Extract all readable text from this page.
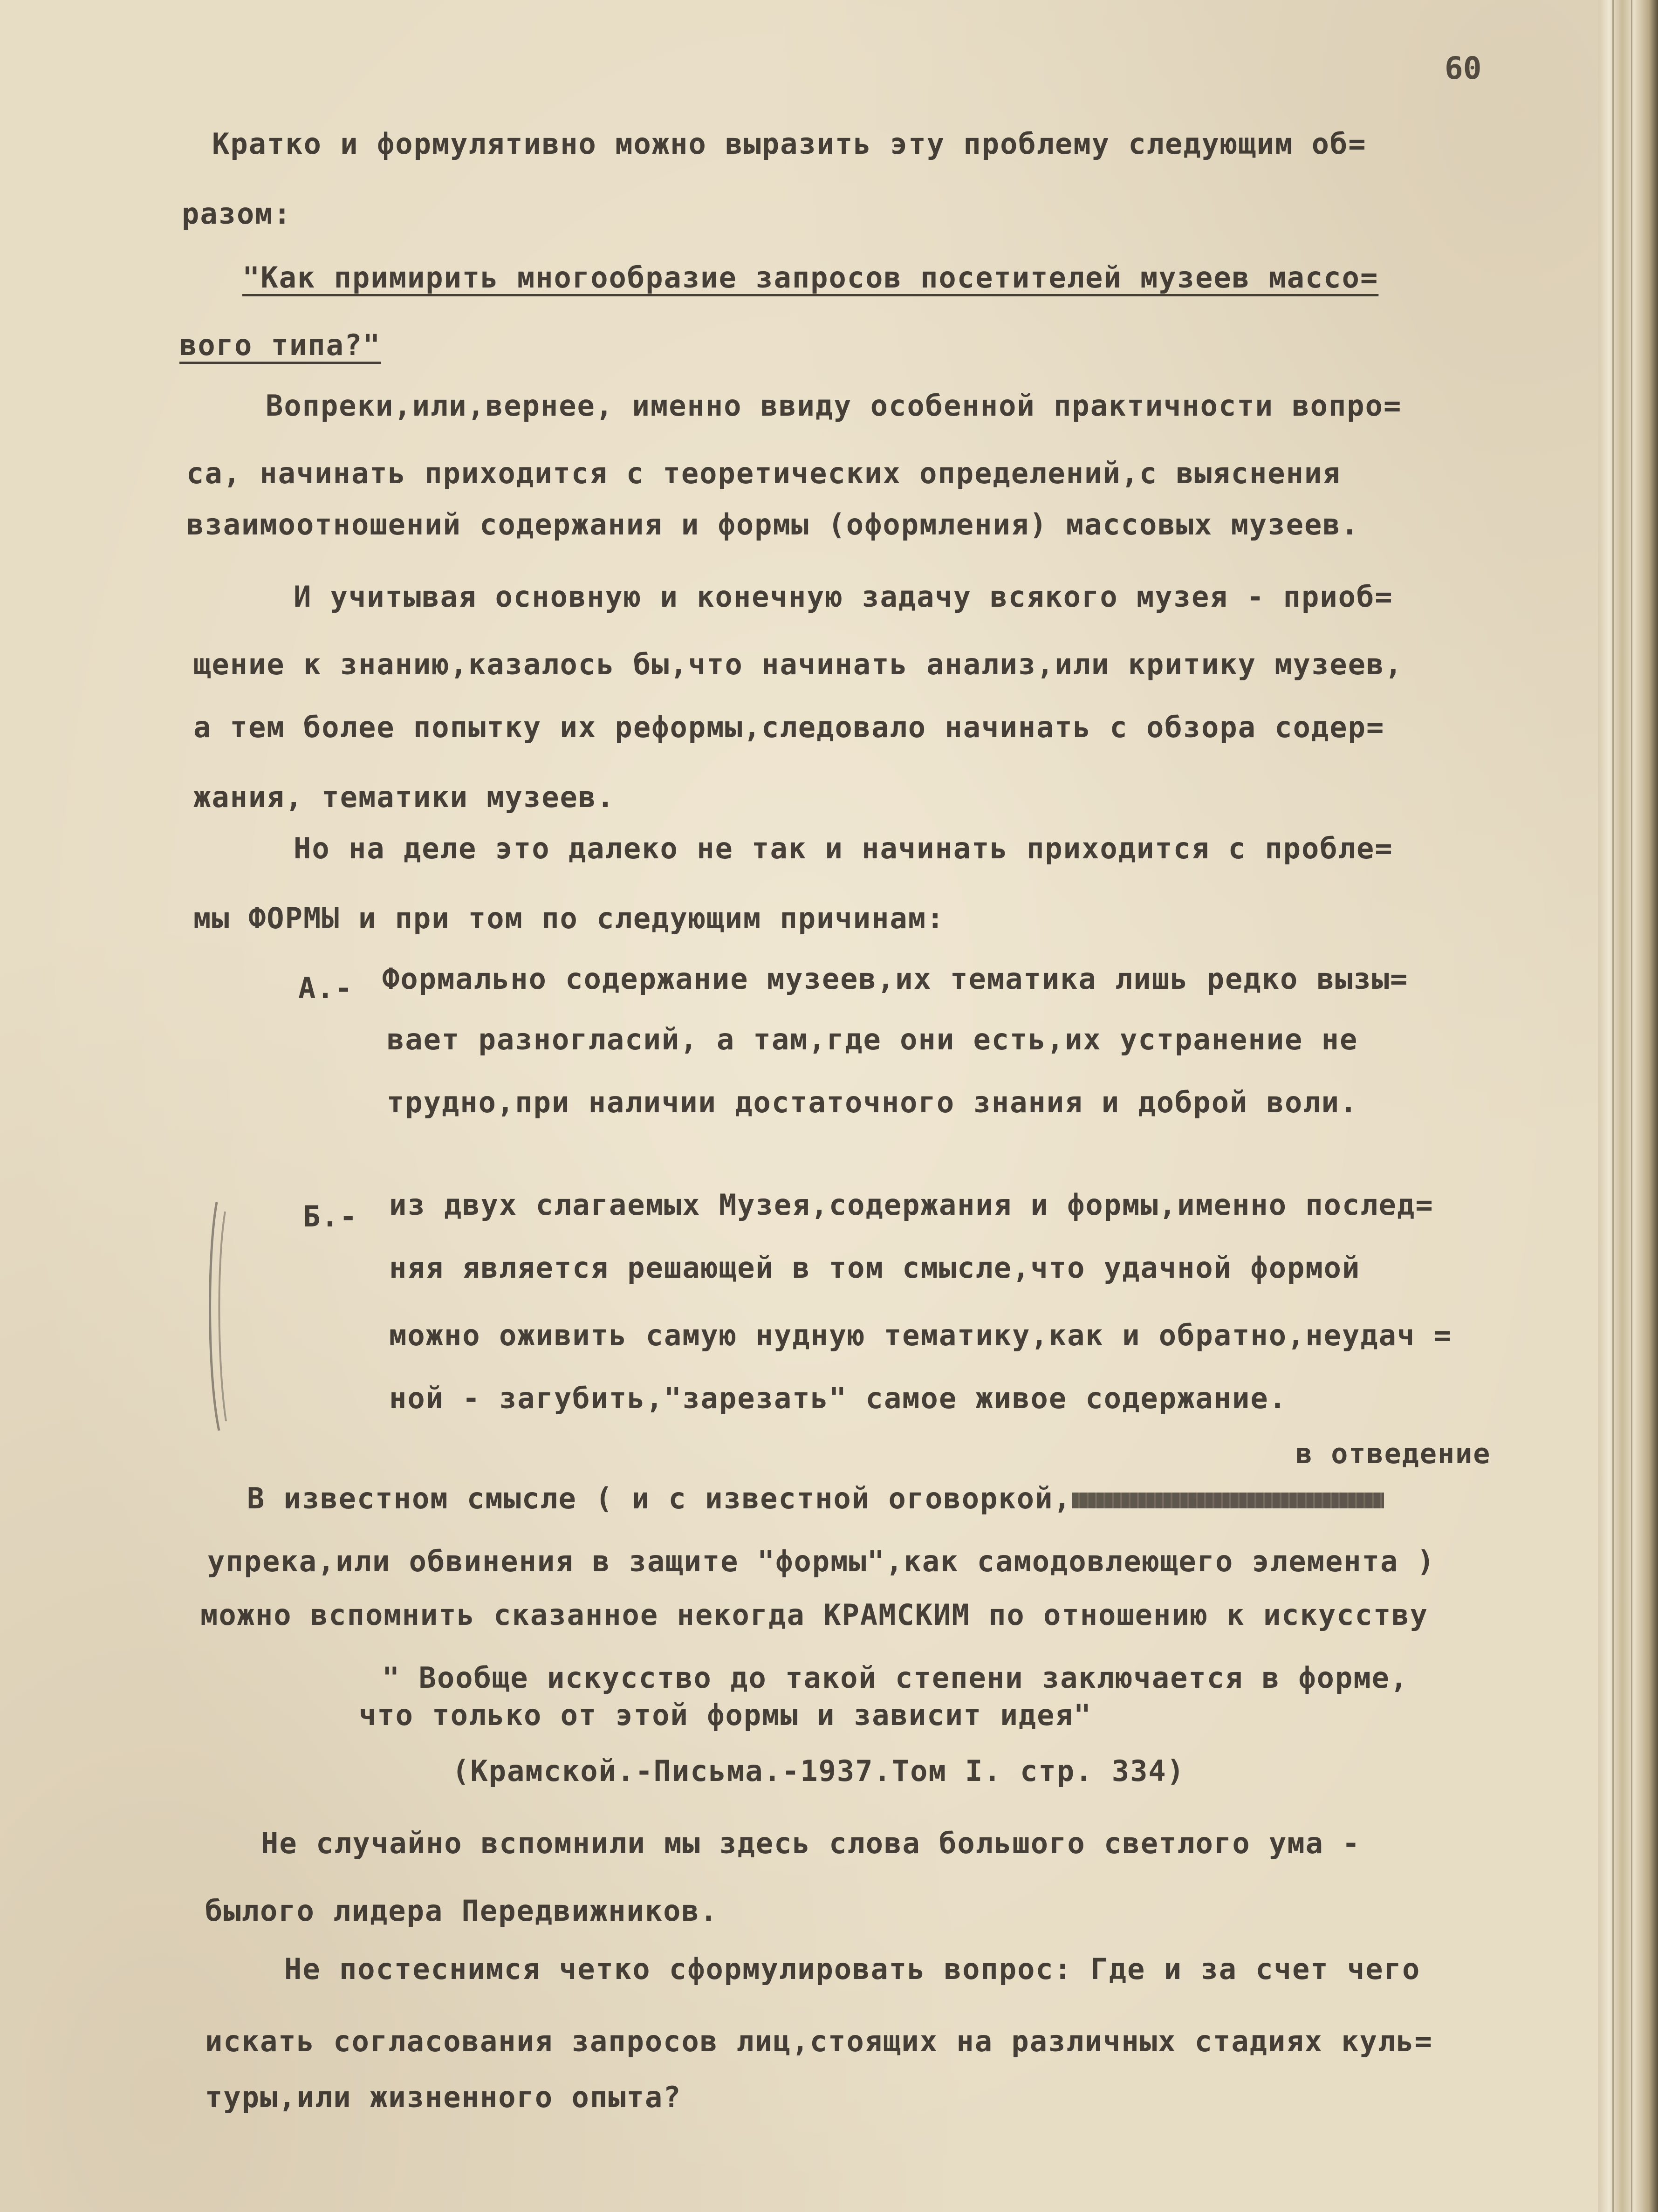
60
Кратко и формулятивно можно выразить эту проблему следующим об=
разом:
"Как примирить многообразие запросов посетителей музеев массо=
вого типа?"
Вопреки,или,вернее, именно ввиду особенной практичности вопро=
са, начинать приходится с теоретических определений,с выяснения
взаимоотношений содержания и формы (оформления) массовых музеев.
И учитывая основную и конечную задачу всякого музея - приоб=
щение к знанию,казалось бы,что начинать анализ,или критику музеев,
а тем более попытку их реформы,следовало начинать с обзора содер=
жания, тематики музеев.
Но на деле это далеко не так и начинать приходится с пробле=
мы ФОРМЫ и при том по следующим причинам:
А.- Формально содержание музеев,их тематика лишь редко вызы=
вает разногласий, а там,где они есть,их устранение не
трудно,при наличии достаточного знания и доброй воли.
Б.- из двух слагаемых Музея,содержания и формы,именно послед=
няя является решающей в том смысле,что удачной формой
можно оживить самую нудную тематику,как и обратно,неудач =
ной - загубить,"зарезать" самое живое содержание.
в отведение
В известном смысле ( и с известной оговоркой,
упрека,или обвинения в защите "формы",как самодовлеющего элемента )
можно вспомнить сказанное некогда КРАМСКИМ по отношению к искусству
" Вообще искусство до такой степени заключается в форме,
что только от этой формы и зависит идея"
(Крамской.-Письма.-1937.Том I. стр. 334)
Не случайно вспомнили мы здесь слова большого светлого ума -
былого лидера Передвижников.
Не постеснимся четко сформулировать вопрос: Где и за счет чего
искать согласования запросов лиц,стоящих на различных стадиях куль=
туры,или жизненного опыта?
